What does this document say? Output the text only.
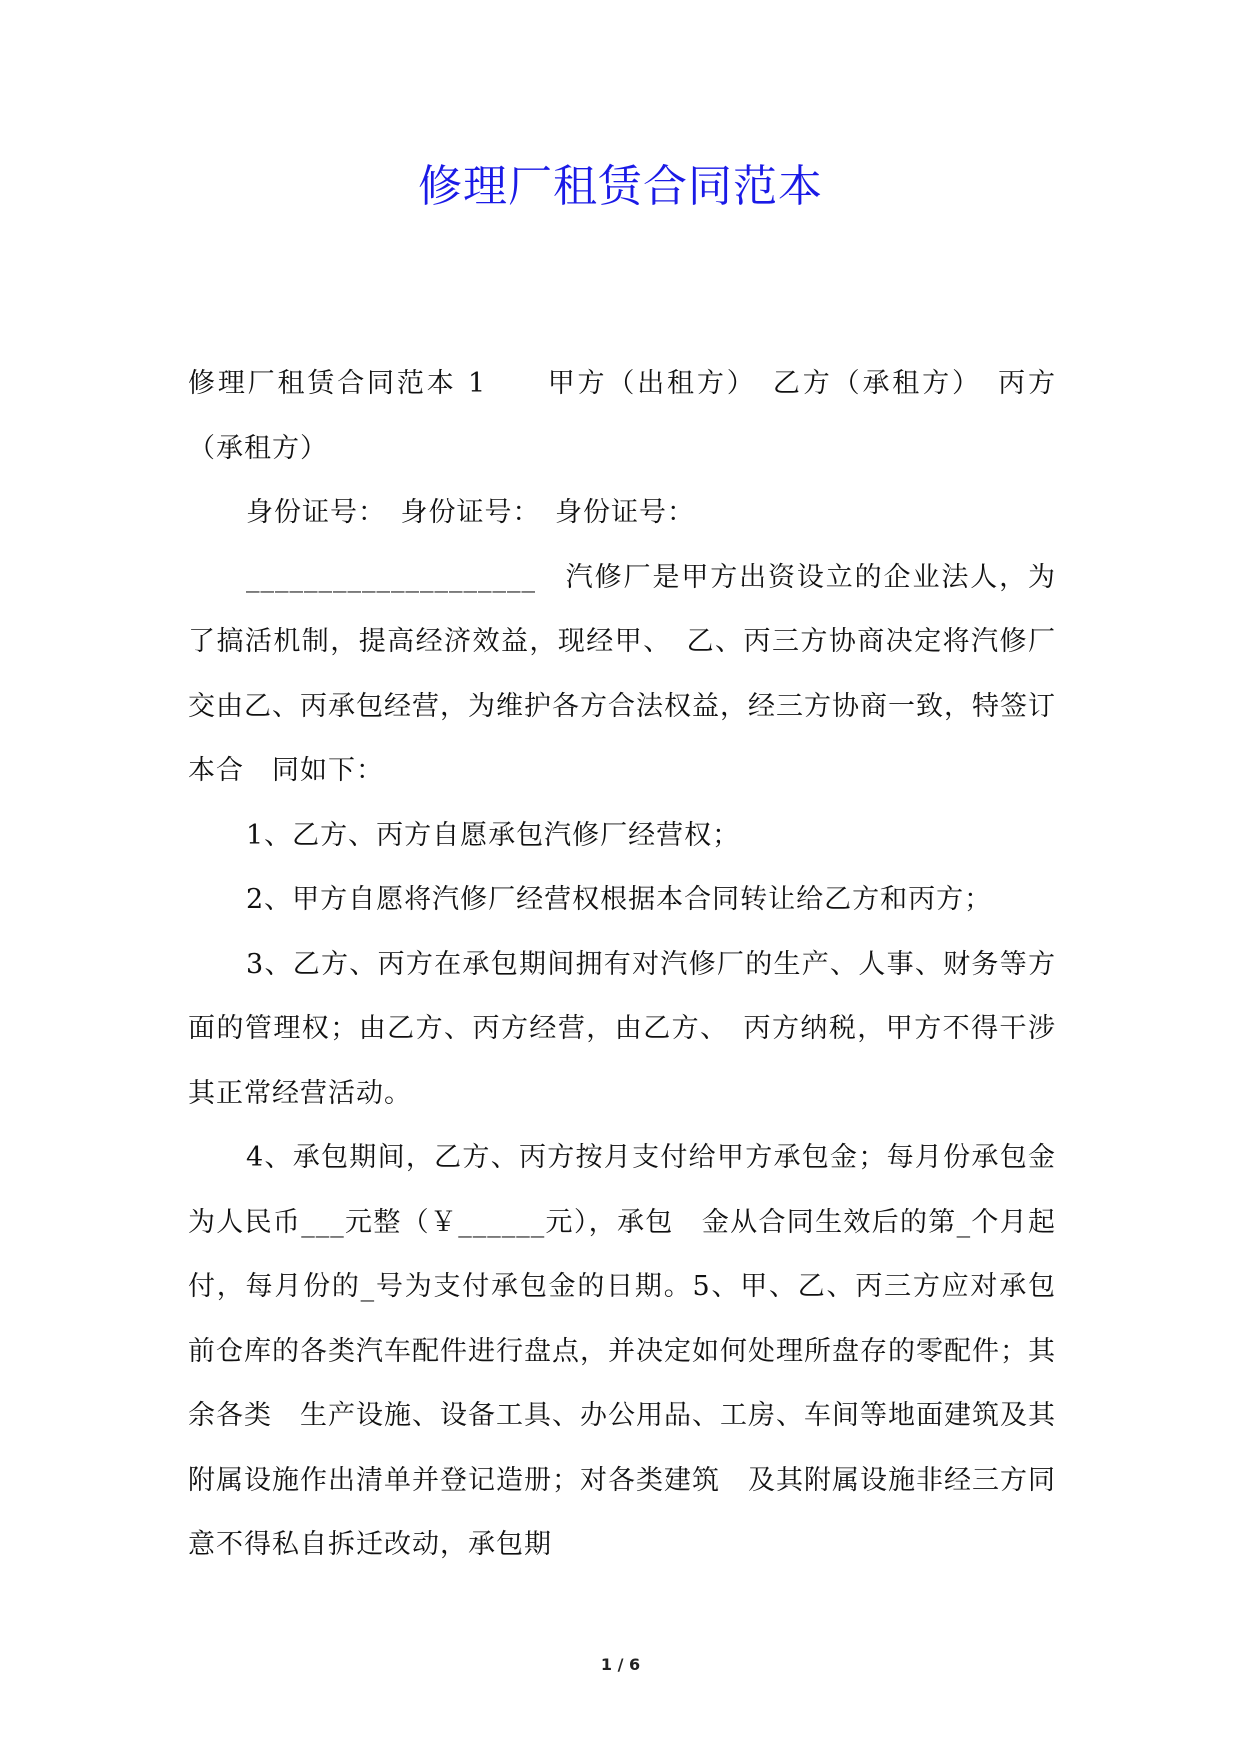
修理厂租赁合同范本

修理厂租赁合同范本 1　　甲方（出租方）　乙方（承租方）　丙方（承租方）

身份证号：　身份证号：　身份证号：

____________________　汽修厂是甲方出资设立的企业法人，为了搞活机制，提高经济效益，现经甲、　乙、丙三方协商决定将汽修厂交由乙、丙承包经营，为维护各方合法权益，经三方协商一致，特签订本合　同如下：

1、乙方、丙方自愿承包汽修厂经营权；

2、甲方自愿将汽修厂经营权根据本合同转让给乙方和丙方；

3、乙方、丙方在承包期间拥有对汽修厂的生产、人事、财务等方面的管理权；由乙方、丙方经营，由乙方、　丙方纳税，甲方不得干涉其正常经营活动。

4、承包期间，乙方、丙方按月支付给甲方承包金；每月份承包金为人民币___元整（￥______元），承包　金从合同生效后的第_个月起付，每月份的_号为支付承包金的日期。5、甲、乙、丙三方应对承包前仓库的各类汽车配件进行盘点，并决定如何处理所盘存的零配件；其余各类　生产设施、设备工具、办公用品、工房、车间等地面建筑及其附属设施作出清单并登记造册；对各类建筑　及其附属设施非经三方同意不得私自拆迁改动，承包期

1 / 6
